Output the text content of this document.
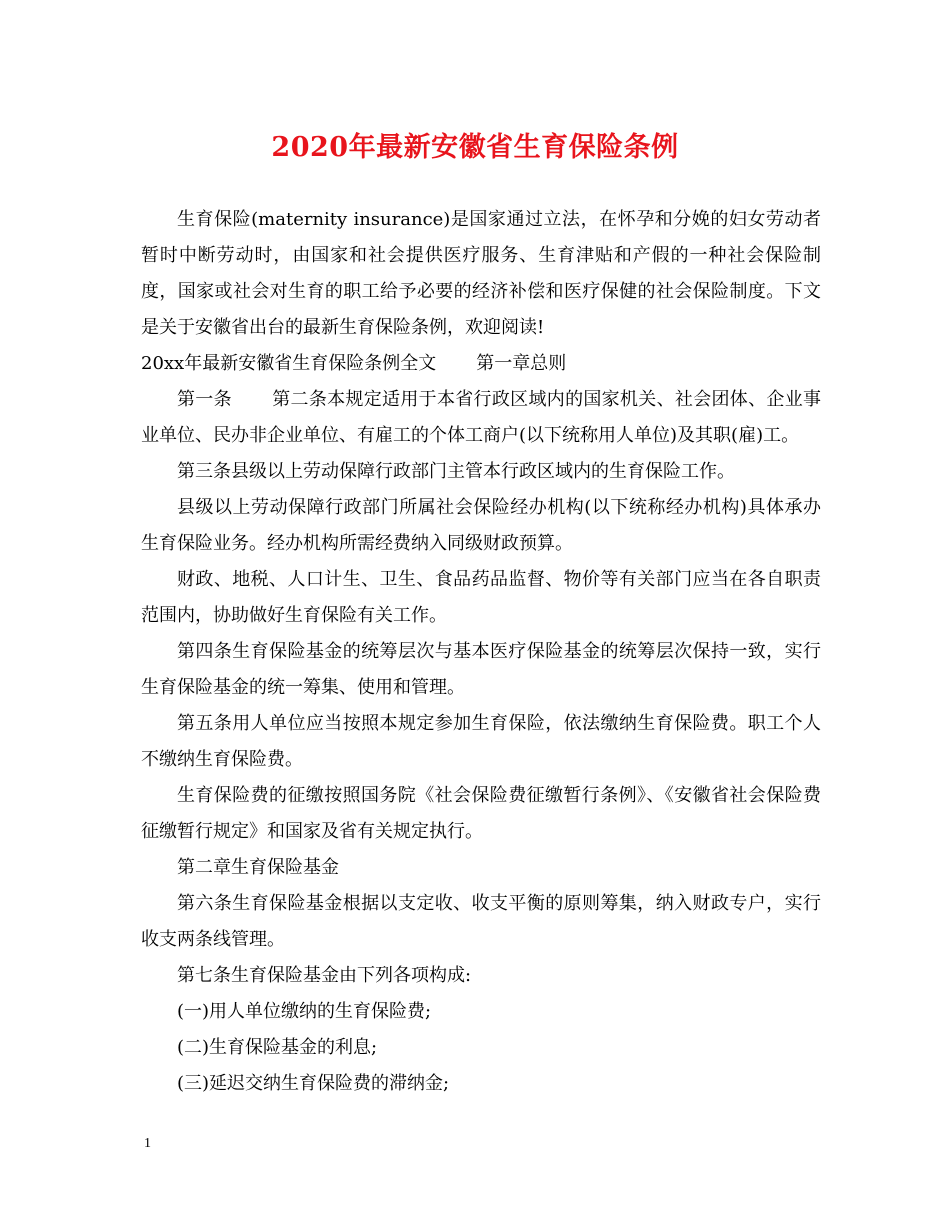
2020年最新安徽省生育保险条例

生育保险(maternity insurance)是国家通过立法，在怀孕和分娩的妇女劳动者暂时中断劳动时，由国家和社会提供医疗服务、生育津贴和产假的一种社会保险制度，国家或社会对生育的职工给予必要的经济补偿和医疗保健的社会保险制度。下文是关于安徽省出台的最新生育保险条例，欢迎阅读!

20xx年最新安徽省生育保险条例全文 第一章总则

第一条 第二条本规定适用于本省行政区域内的国家机关、社会团体、企业事业单位、民办非企业单位、有雇工的个体工商户(以下统称用人单位)及其职(雇)工。

第三条县级以上劳动保障行政部门主管本行政区域内的生育保险工作。

县级以上劳动保障行政部门所属社会保险经办机构(以下统称经办机构)具体承办生育保险业务。经办机构所需经费纳入同级财政预算。

财政、地税、人口计生、卫生、食品药品监督、物价等有关部门应当在各自职责范围内，协助做好生育保险有关工作。

第四条生育保险基金的统筹层次与基本医疗保险基金的统筹层次保持一致，实行生育保险基金的统一筹集、使用和管理。

第五条用人单位应当按照本规定参加生育保险，依法缴纳生育保险费。职工个人不缴纳生育保险费。

生育保险费的征缴按照国务院《社会保险费征缴暂行条例》、《安徽省社会保险费征缴暂行规定》和国家及省有关规定执行。

第二章生育保险基金

第六条生育保险基金根据以支定收、收支平衡的原则筹集，纳入财政专户，实行收支两条线管理。

第七条生育保险基金由下列各项构成:

(一)用人单位缴纳的生育保险费;

(二)生育保险基金的利息;

(三)延迟交纳生育保险费的滞纳金;

1
